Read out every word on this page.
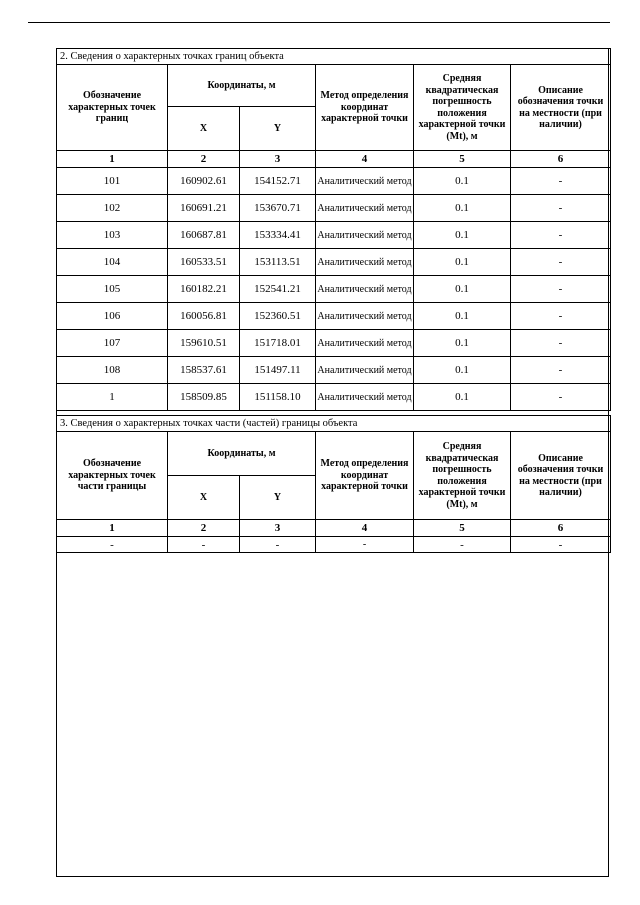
2. Сведения о характерных точках границ объекта					
Обозначение характерных точек границ	Координаты, м		Метод определения координат характерной точки	Средняя квадратическая погрешность положения характерной точки (Mt), м	Описание обозначения точки на местности (при наличии)
	X	Y			
1	2	3	4	5	6
101	160902.61	154152.71	Аналитический метод	0.1	-
102	160691.21	153670.71	Аналитический метод	0.1	-
103	160687.81	153334.41	Аналитический метод	0.1	-
104	160533.51	153113.51	Аналитический метод	0.1	-
105	160182.21	152541.21	Аналитический метод	0.1	-
106	160056.81	152360.51	Аналитический метод	0.1	-
107	159610.51	151718.01	Аналитический метод	0.1	-
108	158537.61	151497.11	Аналитический метод	0.1	-
1	158509.85	151158.10	Аналитический метод	0.1	-
3. Сведения о характерных точках части (частей) границы объекта					
Обозначение характерных точек части границы	Координаты, м		Метод определения координат характерной точки	Средняя квадратическая погрешность положения характерной точки (Mt), м	Описание обозначения точки на местности (при наличии)
	X	Y			
1	2	3	4	5	6
-	-	-	-	-	-
